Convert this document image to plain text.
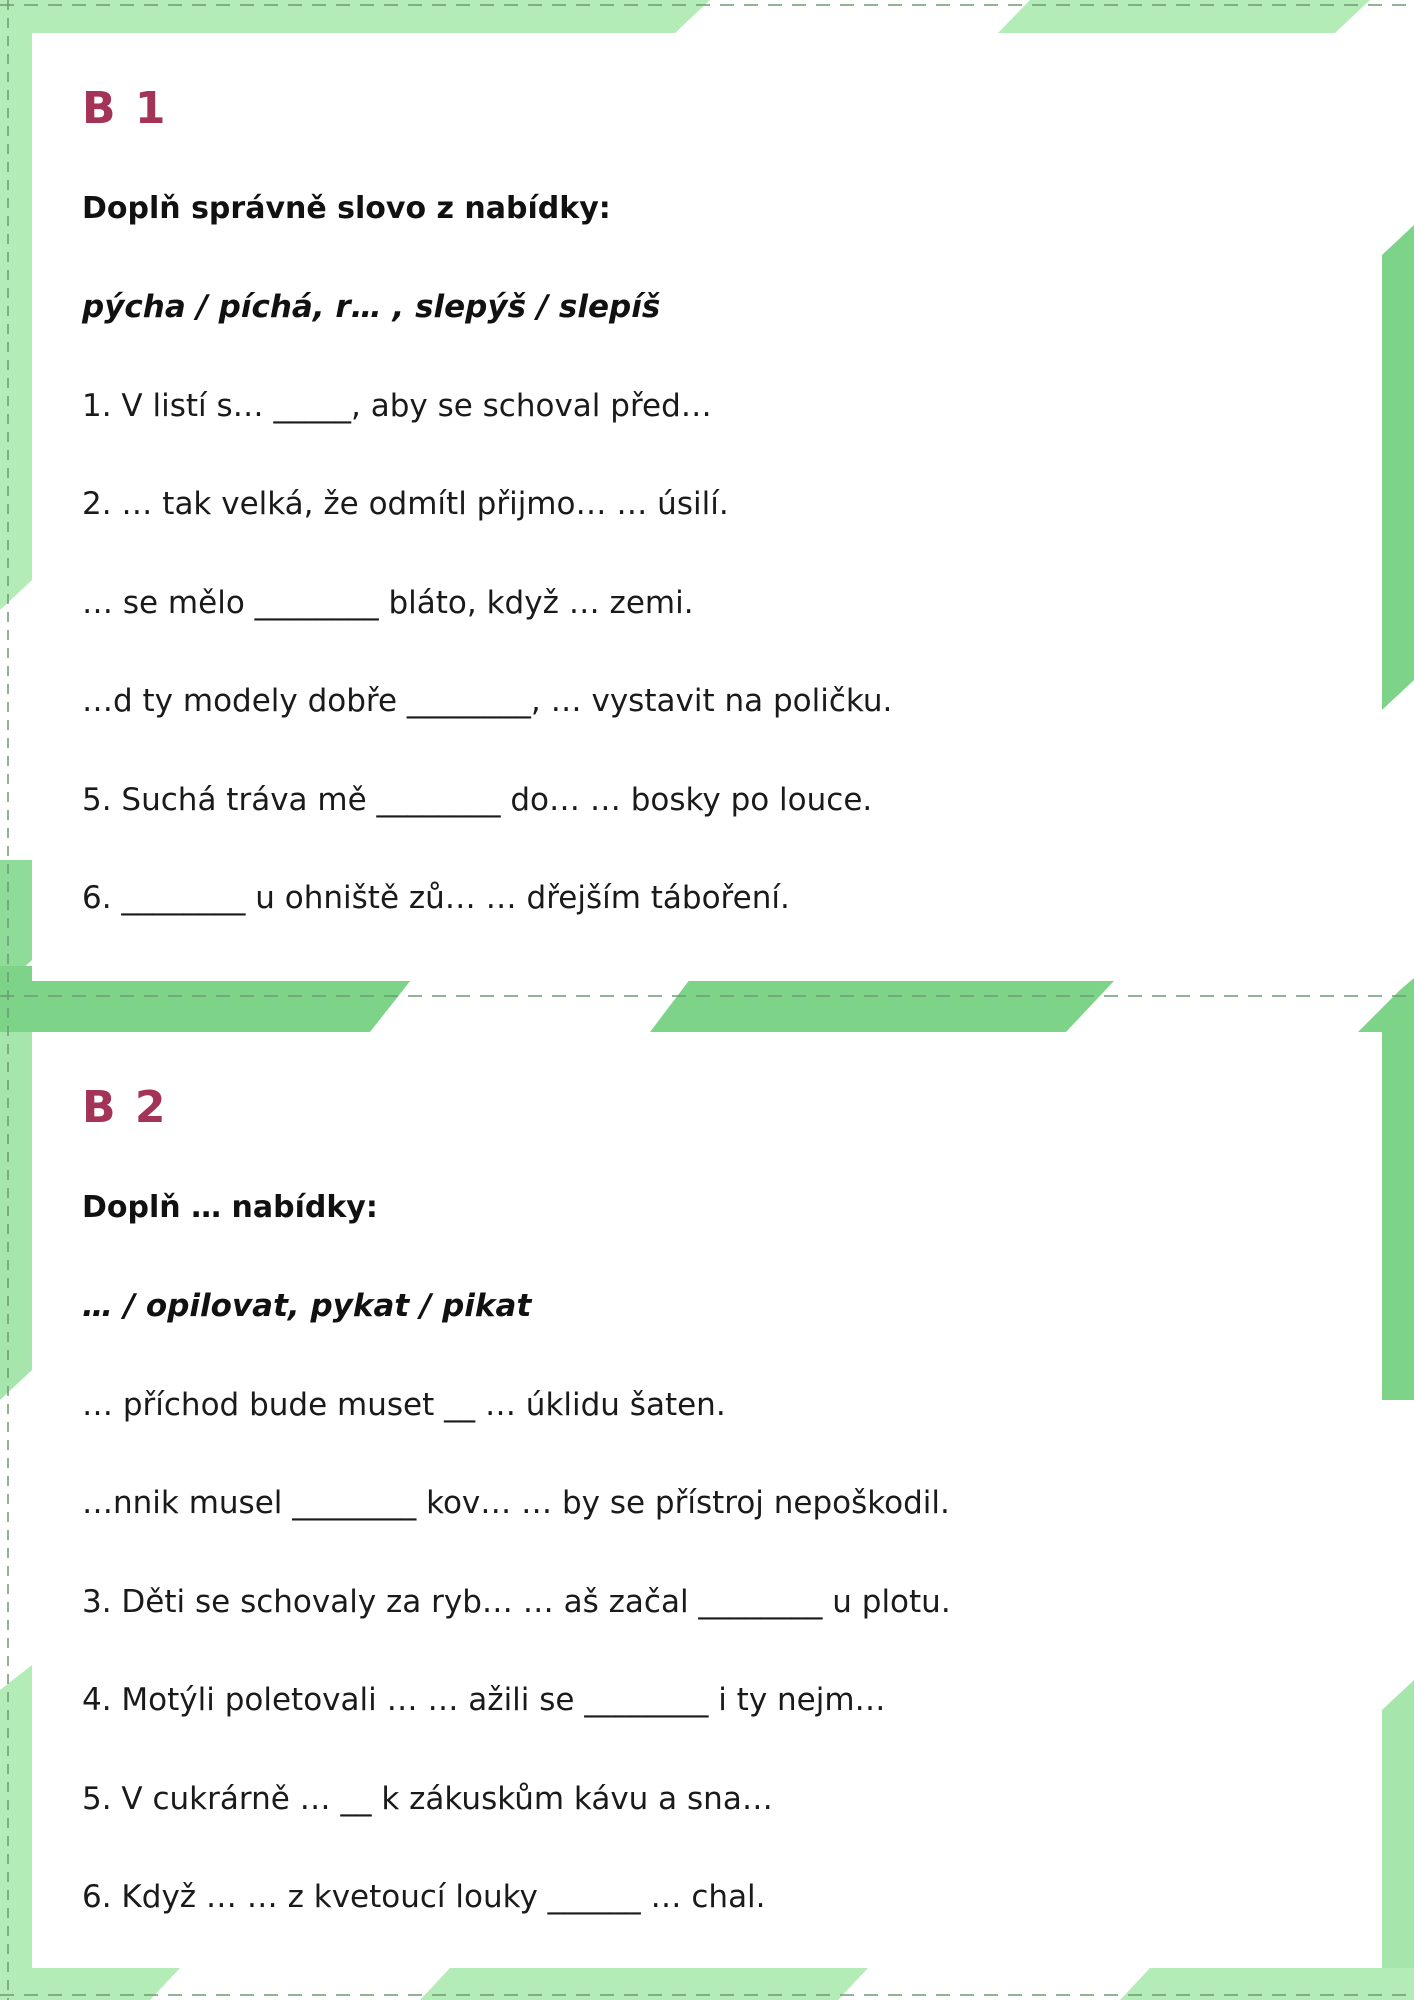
B 1

Doplň správně slovo z nabídky:

pýcha / píchá, r… , slepýš / slepíš

1. V listí s… _____, aby se schoval před…

2. … tak velká, že odmítl přijmo… … úsilí.

… se mělo ________ bláto, když … zemi.

…d ty modely dobře ________, … vystavit na poličku.

5. Suchá tráva mě ________ do… … bosky po louce.

6. ________ u ohniště zů… … dřejším táboření.

B 2

Doplň … nabídky:

… / opilovat, pykat / pikat

… příchod bude muset __ … úklidu šaten.

…nnik musel ________ kov… … by se přístroj nepoškodil.

3. Děti se schovaly za ryb… … aš začal ________ u plotu.

4. Motýli poletovali … … ažili se ________ i ty nejm…

5. V cukrárně … __ k zákuskům kávu a sna…

6. Když … … z kvetoucí louky ______ … chal.
